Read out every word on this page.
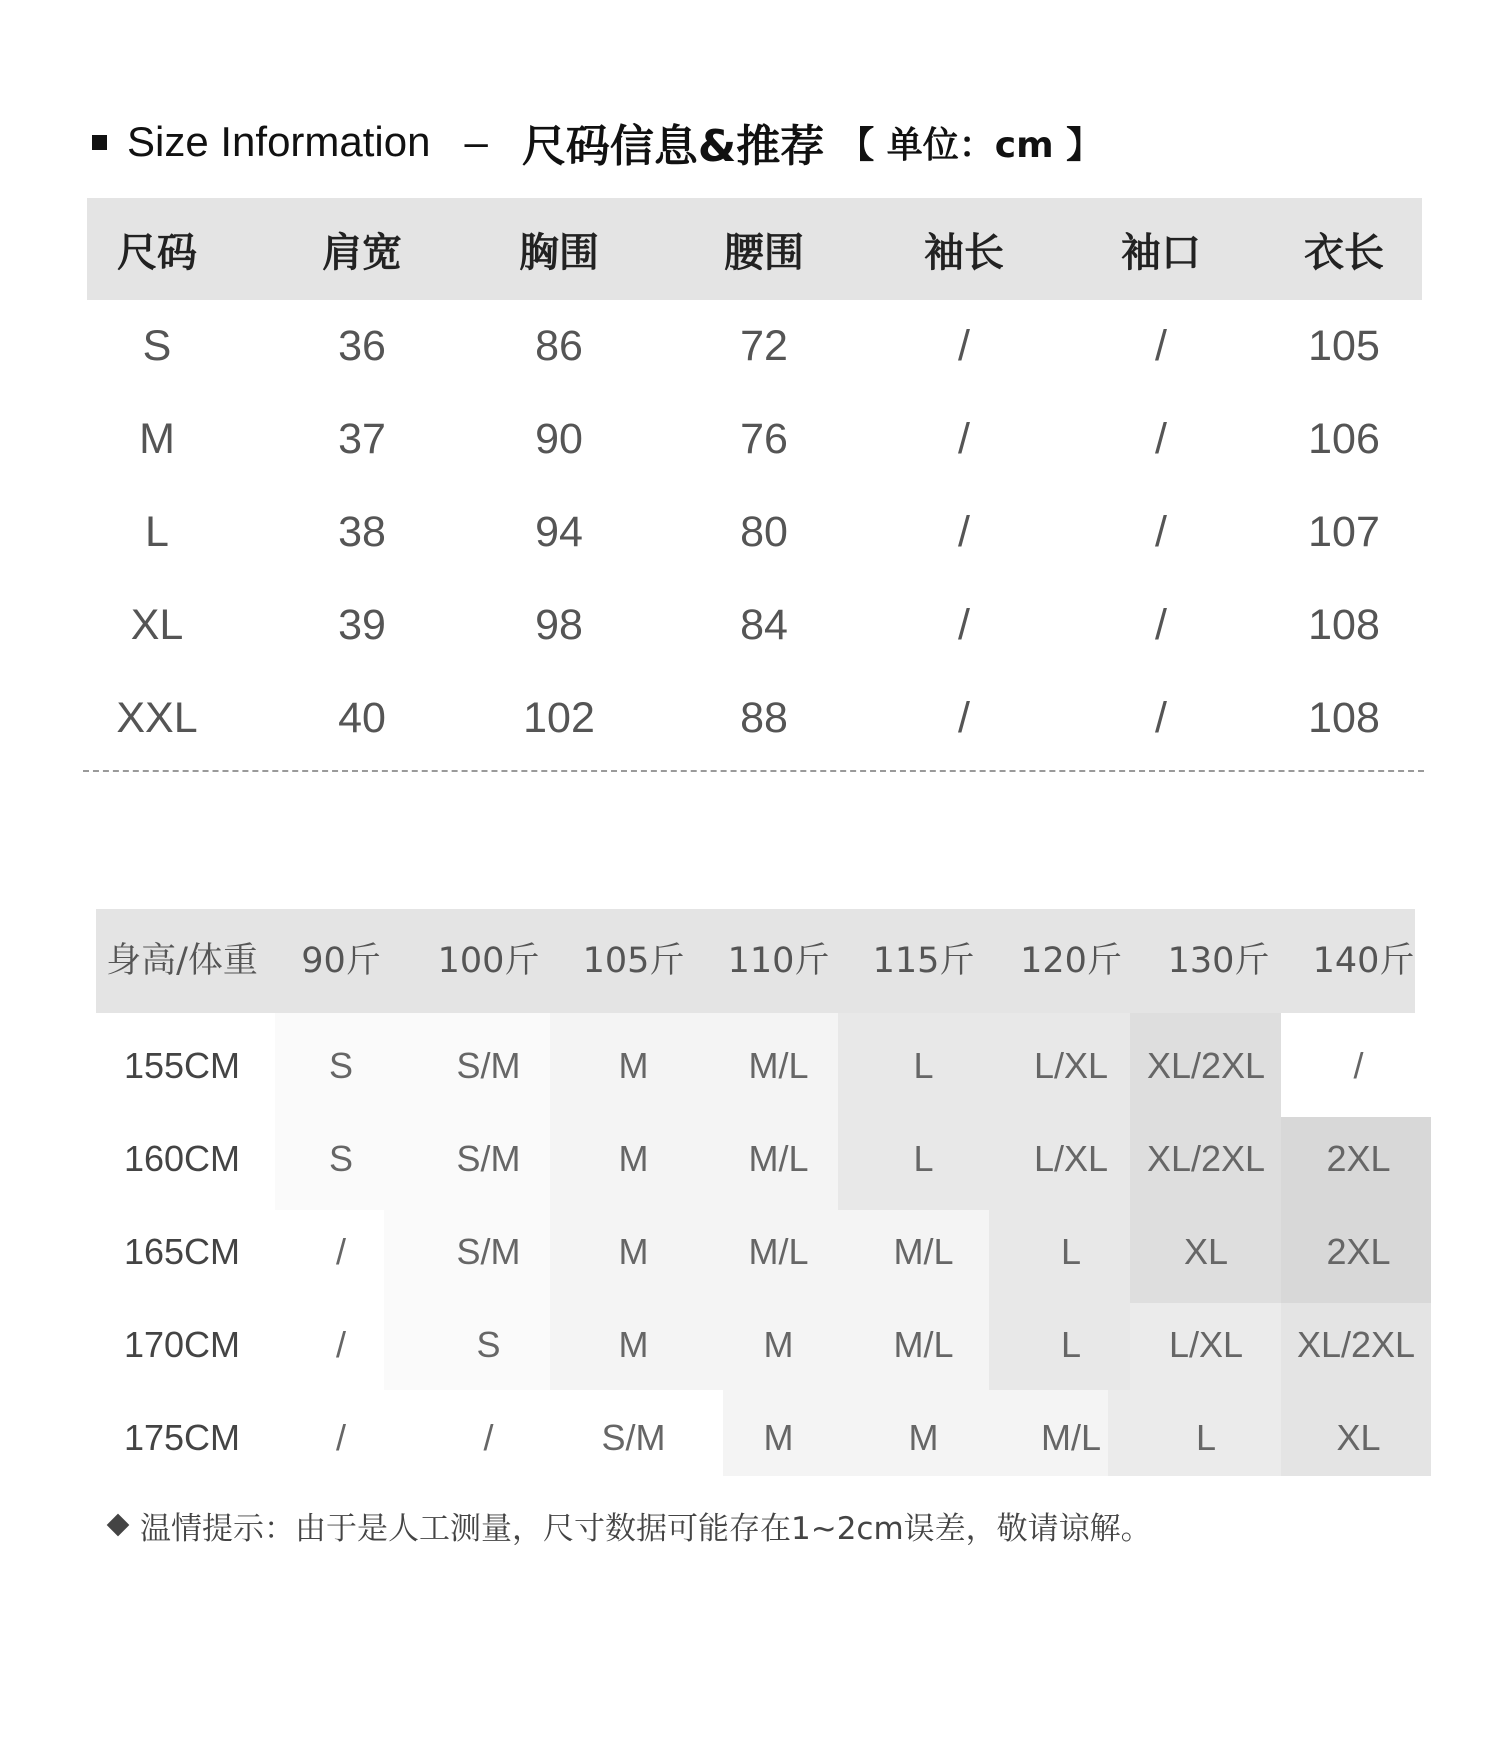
Size Information – 尺码信息&推荐 【 单位：cm 】
尺码	肩宽	胸围	腰围	袖长	袖口	衣长
S	36	86	72	/	/	105
M	37	90	76	/	/	106
L	38	94	80	/	/	107
XL	39	98	84	/	/	108
XXL	40	102	88	/	/	108
身高/体重	90斤	100斤	105斤	110斤	115斤	120斤	130斤	140斤
155CM	S	S/M	M	M/L	L	L/XL	XL/2XL	/
160CM	S	S/M	M	M/L	L	L/XL	XL/2XL	2XL
165CM	/	S/M	M	M/L	M/L	L	XL	2XL
170CM	/	S	M	M	M/L	L	L/XL	XL/2XL
175CM	/	/	S/M	M	M	M/L	L	XL
温情提示：由于是人工测量，尺寸数据可能存在1~2cm误差，敬请谅解。
